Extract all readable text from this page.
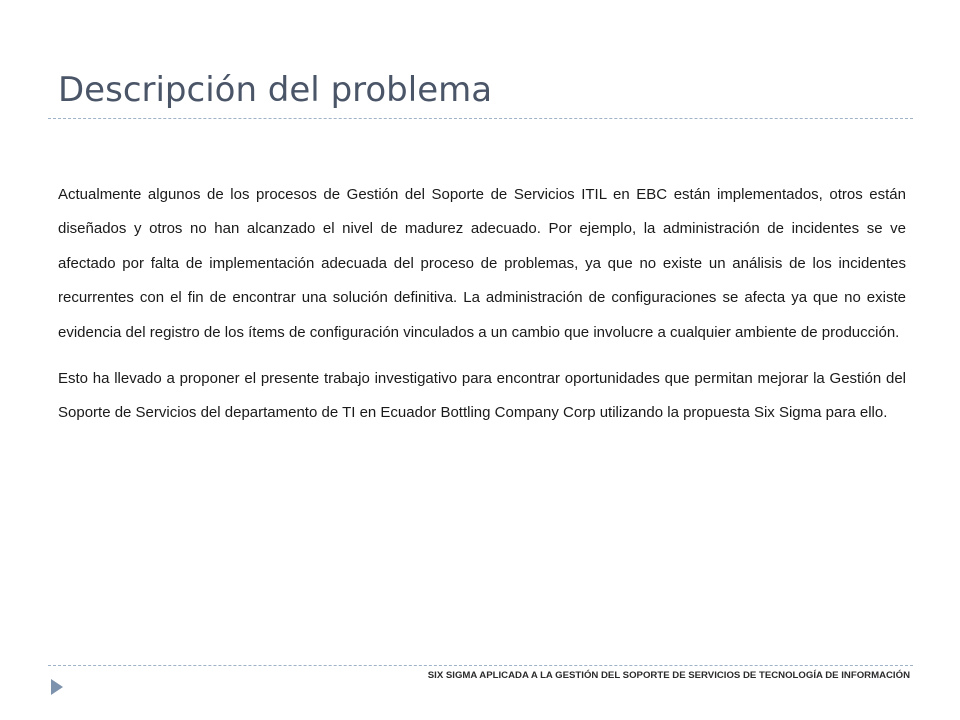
Descripción del problema

Actualmente algunos de los procesos de Gestión del Soporte de Servicios ITIL en EBC están implementados, otros están diseñados y otros no han alcanzado el nivel de madurez adecuado. Por ejemplo, la administración de incidentes se ve afectado por falta de implementación adecuada del proceso de problemas, ya que no existe un análisis de los incidentes recurrentes con el fin de encontrar una solución definitiva. La administración de configuraciones se afecta ya que no existe evidencia del registro de los ítems de configuración vinculados a un cambio que involucre a cualquier ambiente de producción.

Esto ha llevado a proponer el presente trabajo investigativo para encontrar oportunidades que permitan mejorar la Gestión del Soporte de Servicios del departamento de TI en Ecuador Bottling Company Corp utilizando la propuesta Six Sigma para ello.

SIX SIGMA APLICADA A LA GESTIÓN DEL SOPORTE DE SERVICIOS DE TECNOLOGÍA DE INFORMACIÓN
